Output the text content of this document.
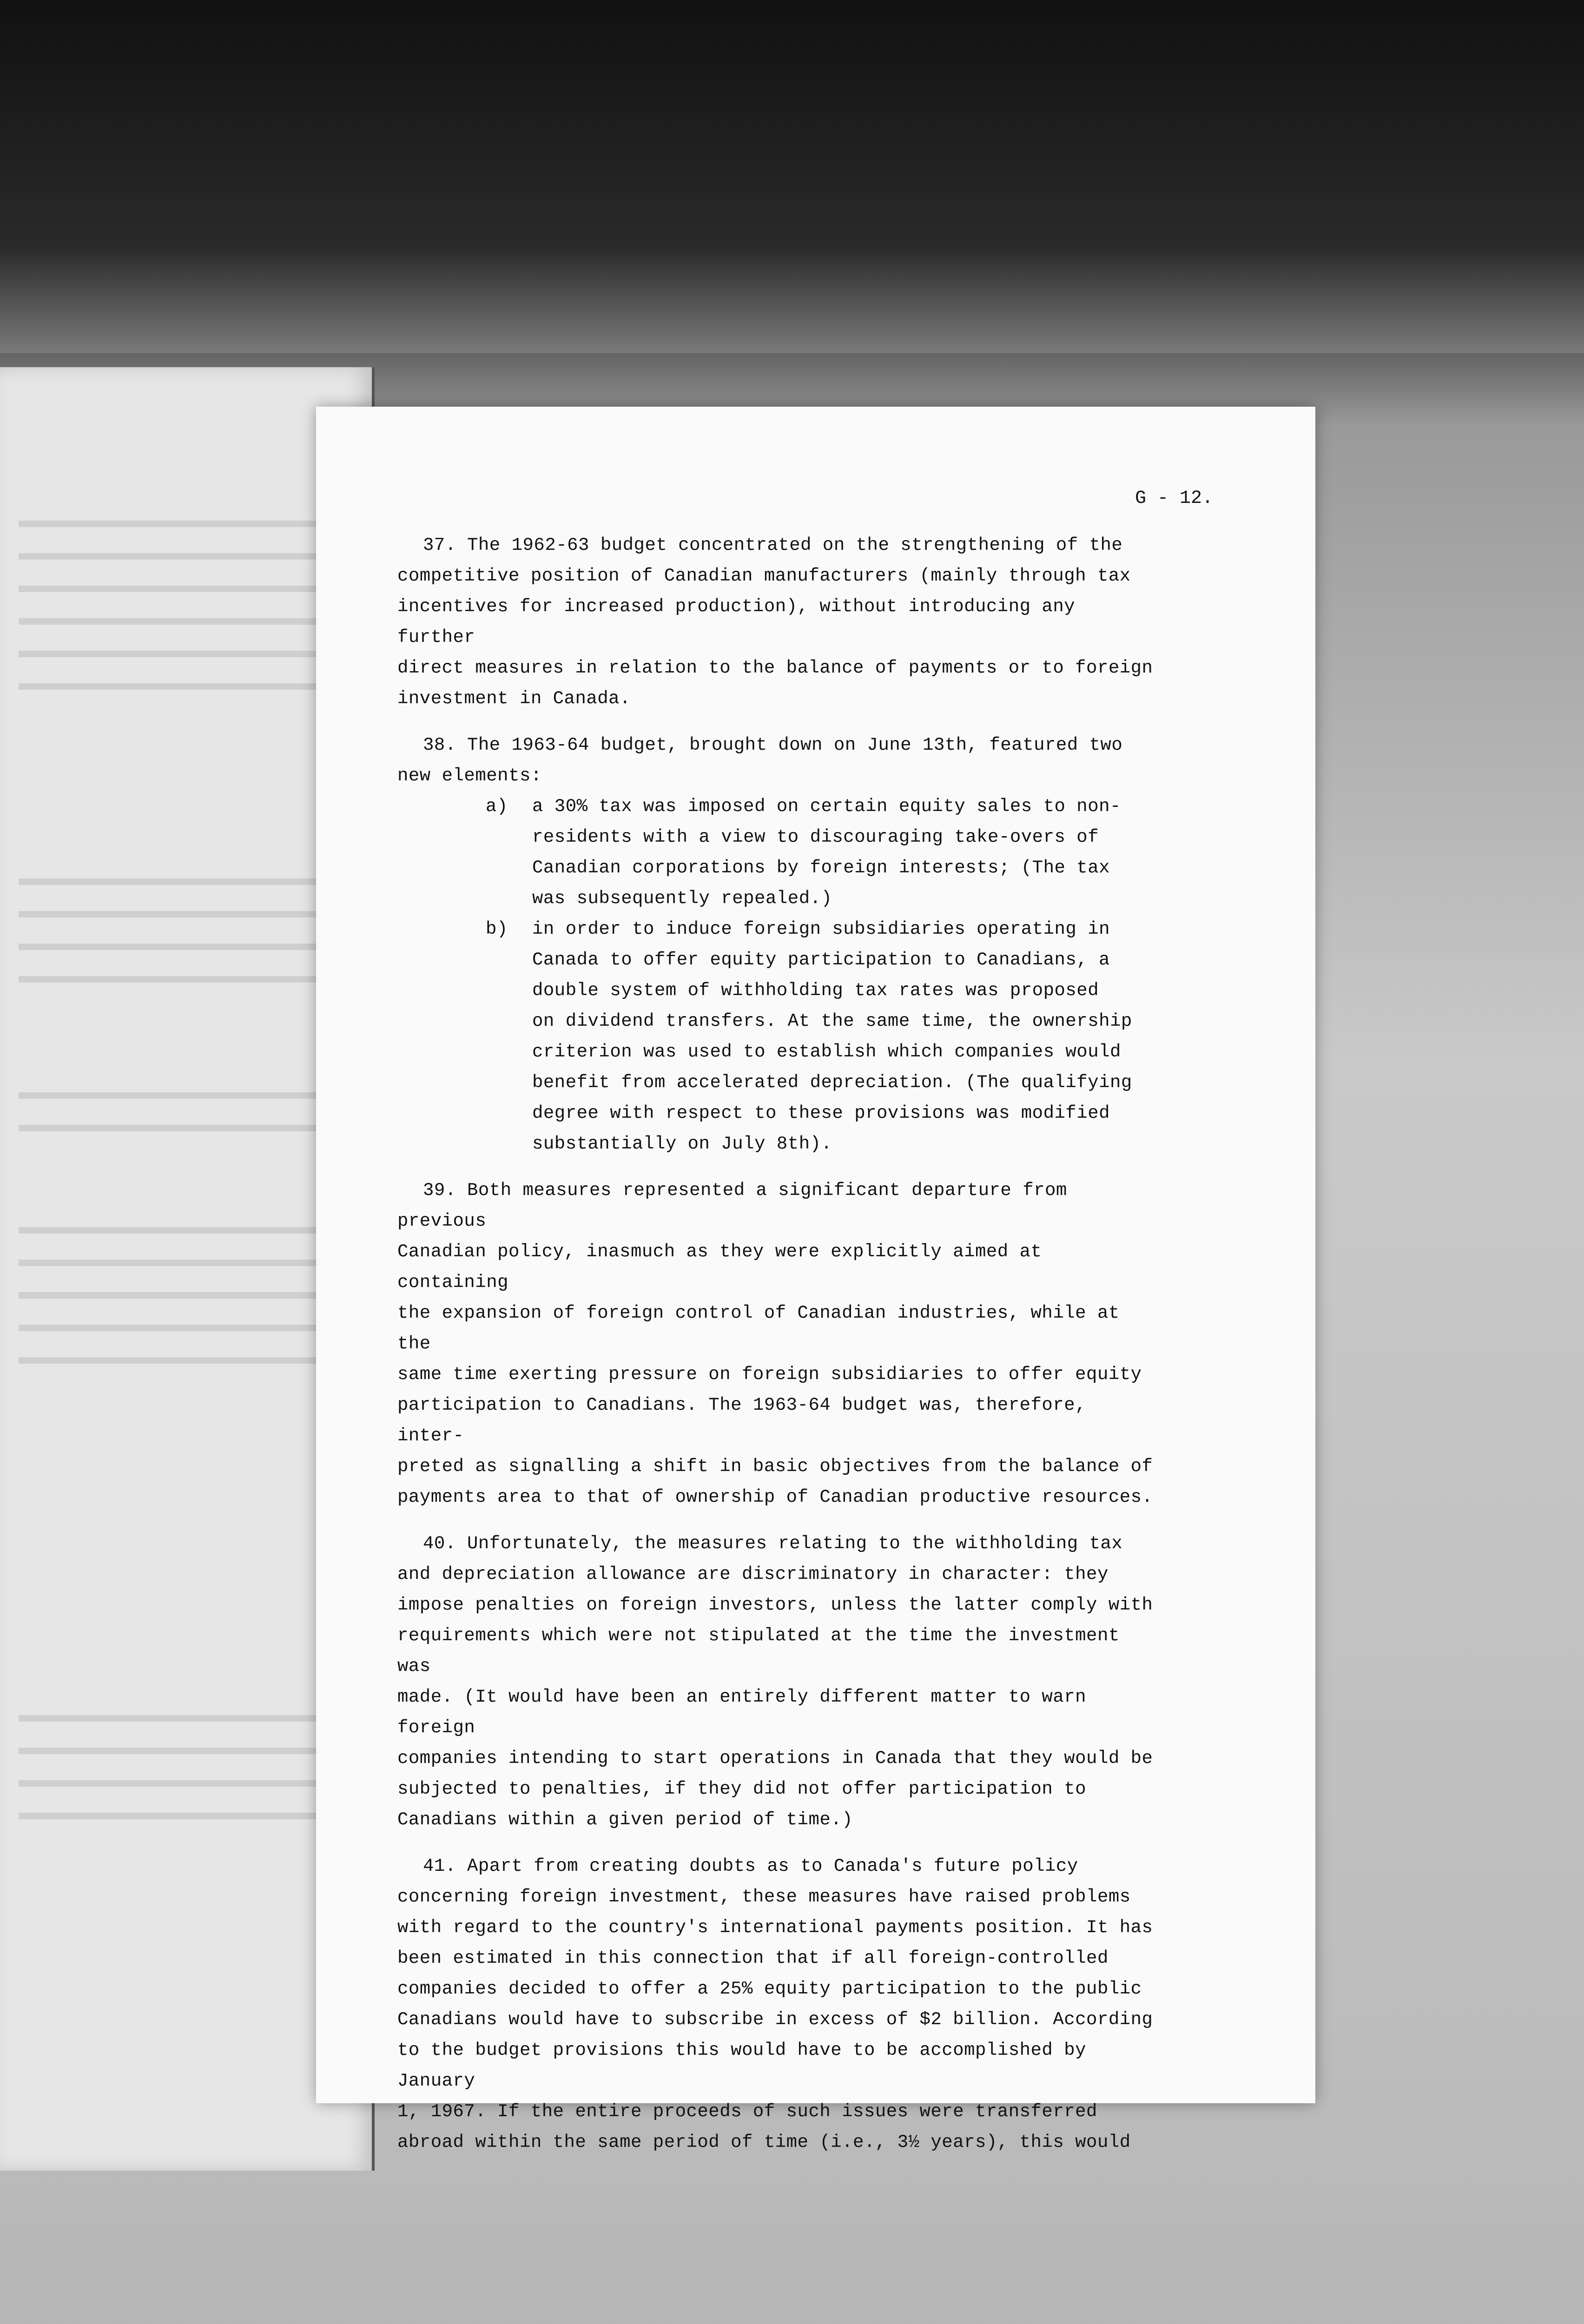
G - 12.
37. The 1962-63 budget concentrated on the strengthening of the
competitive position of Canadian manufacturers (mainly through tax
incentives for increased production), without introducing any further
direct measures in relation to the balance of payments or to foreign
investment in Canada.
38. The 1963-64 budget, brought down on June 13th, featured two
new elements:
a)	a 30% tax was imposed on certain equity sales to non-
residents with a view to discouraging take-overs of
Canadian corporations by foreign interests; (The tax
was subsequently repealed.)
b)	in order to induce foreign subsidiaries operating in
Canada to offer equity participation to Canadians, a
double system of withholding tax rates was proposed
on dividend transfers. At the same time, the ownership
criterion was used to establish which companies would
benefit from accelerated depreciation. (The qualifying
degree with respect to these provisions was modified
substantially on July 8th).
39. Both measures represented a significant departure from previous
Canadian policy, inasmuch as they were explicitly aimed at containing
the expansion of foreign control of Canadian industries, while at the
same time exerting pressure on foreign subsidiaries to offer equity
participation to Canadians. The 1963-64 budget was, therefore, inter-
preted as signalling a shift in basic objectives from the balance of
payments area to that of ownership of Canadian productive resources.
40. Unfortunately, the measures relating to the withholding tax
and depreciation allowance are discriminatory in character: they
impose penalties on foreign investors, unless the latter comply with
requirements which were not stipulated at the time the investment was
made. (It would have been an entirely different matter to warn foreign
companies intending to start operations in Canada that they would be
subjected to penalties, if they did not offer participation to
Canadians within a given period of time.)
41. Apart from creating doubts as to Canada's future policy
concerning foreign investment, these measures have raised problems
with regard to the country's international payments position. It has
been estimated in this connection that if all foreign-controlled
companies decided to offer a 25% equity participation to the public
Canadians would have to subscribe in excess of $2 billion. According
to the budget provisions this would have to be accomplished by January
1, 1967. If the entire proceeds of such issues were transferred
abroad within the same period of time (i.e., 3½ years), this would
